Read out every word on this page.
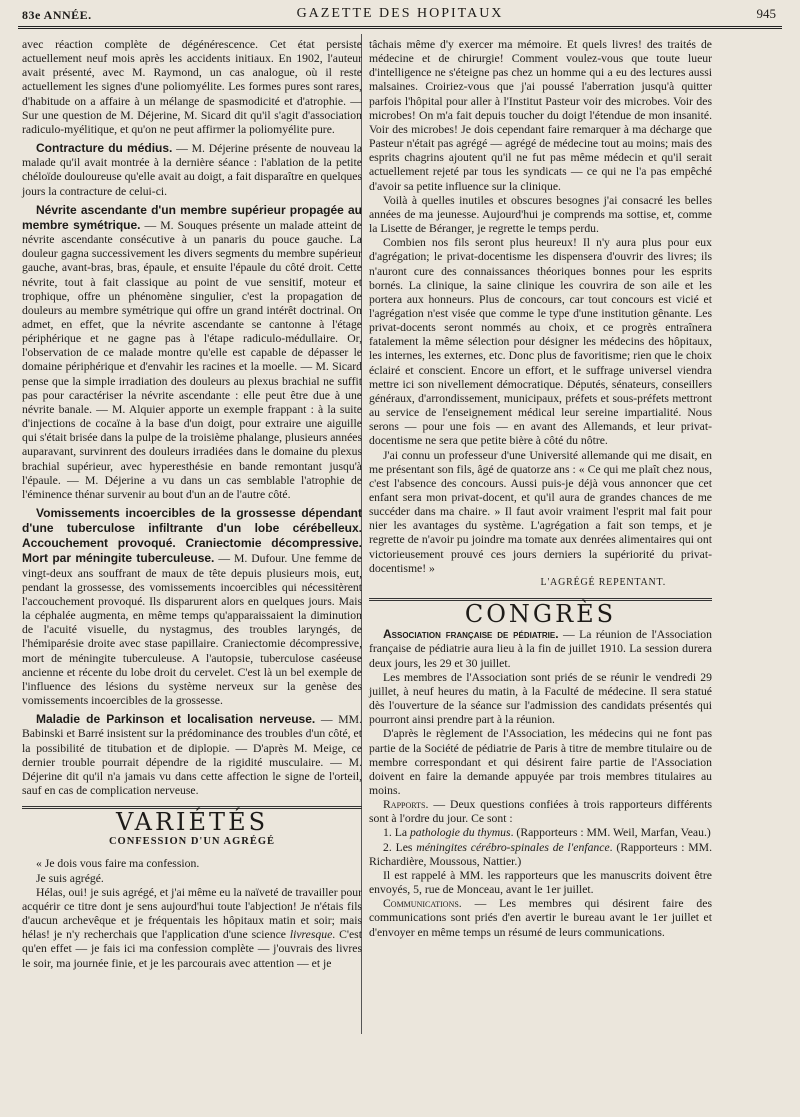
83e ANNÉE.	GAZETTE DES HOPITAUX	945

avec réaction complète de dégénérescence. Cet état persiste actuellement neuf mois après les accidents initiaux. En 1902, l'auteur avait présenté, avec M. Raymond, un cas analogue, où il reste actuellement les signes d'une poliomyélite. Les formes pures sont rares, d'habitude on a affaire à un mélange de spasmodicité et d'atrophie. — Sur une question de M. Déjerine, M. Sicard dit qu'il s'agit d'association radiculo-myélitique, et qu'on ne peut affirmer la poliomyélite pure.

Contracture du médius. — M. Déjerine présente de nouveau la malade qu'il avait montrée à la dernière séance : l'ablation de la petite chéloïde douloureuse qu'elle avait au doigt, a fait disparaître en quelques jours la contracture de celui-ci.

Névrite ascendante d'un membre supérieur propagée au membre symétrique. — M. Souques présente un malade atteint de névrite ascendante consécutive à un panaris du pouce gauche. La douleur gagna successivement les divers segments du membre supérieur gauche, avant-bras, bras, épaule, et ensuite l'épaule du côté droit. Cette névrite, tout à fait classique au point de vue sensitif, moteur et trophique, offre un phénomène singulier, c'est la propagation de douleurs au membre symétrique qui offre un grand intérêt doctrinal. On admet, en effet, que la névrite ascendante se cantonne à l'étage périphérique et ne gagne pas à l'étape radiculo-médullaire. Or, l'observation de ce malade montre qu'elle est capable de dépasser le domaine périphérique et d'envahir les racines et la moelle. — M. Sicard pense que la simple irradiation des douleurs au plexus brachial ne suffit pas pour caractériser la névrite ascendante : elle peut être due à une névrite banale. — M. Alquier apporte un exemple frappant : à la suite d'injections de cocaïne à la base d'un doigt, pour extraire une aiguille qui s'était brisée dans la pulpe de la troisième phalange, plusieurs années auparavant, survinrent des douleurs irradiées dans le domaine du plexus brachial supérieur, avec hyperesthésie en bande remontant jusqu'à l'épaule. — M. Déjerine a vu dans un cas semblable l'atrophie de l'éminence thénar survenir au bout d'un an de l'autre côté.

Vomissements incoercibles de la grossesse dépendant d'une tuberculose infiltrante d'un lobe cérébelleux. Accouchement provoqué. Craniectomie décompressive. Mort par méningite tuberculeuse. — M. Dufour. Une femme de vingt-deux ans souffrant de maux de tête depuis plusieurs mois, eut, pendant la grossesse, des vomissements incoercibles qui nécessitèrent l'accouchement provoqué. Ils disparurent alors en quelques jours. Mais la céphalée augmenta, en même temps qu'apparaissaient la diminution de l'acuité visuelle, du nystagmus, des troubles laryngés, de l'hémiparésie droite avec stase papillaire. Craniectomie décompressive, mort de méningite tuberculeuse. A l'autopsie, tuberculose caséeuse ancienne et récente du lobe droit du cervelet. C'est là un bel exemple de l'influence des lésions du système nerveux sur la genèse des vomissements incoercibles de la grossesse.

Maladie de Parkinson et localisation nerveuse. — MM. Babinski et Barré insistent sur la prédominance des troubles d'un côté, et la possibilité de titubation et de diplopie. — D'après M. Meige, ce dernier trouble pourrait dépendre de la rigidité musculaire. — M. Déjerine dit qu'il n'a jamais vu dans cette affection le signe de l'orteil, sauf en cas de complication nerveuse.

VARIÉTÉS
CONFESSION D'UN AGRÉGÉ

« Je dois vous faire ma confession.

Je suis agrégé.

Hélas, oui! je suis agrégé, et j'ai même eu la naïveté de travailler pour acquérir ce titre dont je sens aujourd'hui toute l'abjection! Je n'étais fils d'aucun archevêque et je fréquentais les hôpitaux matin et soir; mais hélas! je n'y recherchais que l'application d'une science livresque. C'est qu'en effet — je fais ici ma confession complète — j'ouvrais des livres le soir, ma journée finie, et je les parcourais avec attention — et je

tâchais même d'y exercer ma mémoire. Et quels livres! des traités de médecine et de chirurgie! Comment voulez-vous que toute lueur d'intelligence ne s'éteigne pas chez un homme qui a eu des lectures aussi malsaines. Croiriez-vous que j'ai poussé l'aberration jusqu'à quitter parfois l'hôpital pour aller à l'Institut Pasteur voir des microbes. Voir des microbes! On m'a fait depuis toucher du doigt l'étendue de mon insanité. Voir des microbes! Je dois cependant faire remarquer à ma décharge que Pasteur n'était pas agrégé — agrégé de médecine tout au moins; mais des esprits chagrins ajoutent qu'il ne fut pas même médecin et qu'il serait actuellement rejeté par tous les syndicats — ce qui ne l'a pas empêché d'avoir sa petite influence sur la clinique.

Voilà à quelles inutiles et obscures besognes j'ai consacré les belles années de ma jeunesse. Aujourd'hui je comprends ma sottise, et, comme la Lisette de Béranger, je regrette le temps perdu.

Combien nos fils seront plus heureux! Il n'y aura plus pour eux d'agrégation; le privat-docentisme les dispensera d'ouvrir des livres; ils n'auront cure des connaissances théoriques bonnes pour les esprits bornés. La clinique, la saine clinique les couvrira de son aile et les portera aux honneurs. Plus de concours, car tout concours est vicié et l'agrégation n'est visée que comme le type d'une institution gênante. Les privat-docents seront nommés au choix, et ce progrès entraînera fatalement la même sélection pour désigner les médecins des hôpitaux, les internes, les externes, etc. Donc plus de favoritisme; rien que le choix éclairé et conscient. Encore un effort, et le suffrage universel viendra mettre ici son nivellement démocratique. Députés, sénateurs, conseillers généraux, d'arrondissement, municipaux, préfets et sous-préfets mettront au service de l'enseignement médical leur sereine impartialité. Nous serons — pour une fois — en avant des Allemands, et leur privat-docentisme ne sera que petite bière à côté du nôtre.

J'ai connu un professeur d'une Université allemande qui me disait, en me présentant son fils, âgé de quatorze ans : « Ce qui me plaît chez nous, c'est l'absence des concours. Aussi puis-je déjà vous annoncer que cet enfant sera mon privat-docent, et qu'il aura de grandes chances de me succéder dans ma chaire. » Il faut avoir vraiment l'esprit mal fait pour nier les avantages du système. L'agrégation a fait son temps, et je regrette de n'avoir pu joindre ma tomate aux denrées alimentaires qui ont victorieusement prouvé ces jours derniers la supériorité du privat-docentisme! »

L'AGRÉGÉ REPENTANT.
CONGRÈS

Association française de pédiatrie. — La réunion de l'Association française de pédiatrie aura lieu à la fin de juillet 1910. La session durera deux jours, les 29 et 30 juillet.

Les membres de l'Association sont priés de se réunir le vendredi 29 juillet, à neuf heures du matin, à la Faculté de médecine. Il sera statué dès l'ouverture de la séance sur l'admission des candidats présentés qui pourront ainsi prendre part à la réunion.

D'après le règlement de l'Association, les médecins qui ne font pas partie de la Société de pédiatrie de Paris à titre de membre titulaire ou de membre correspondant et qui désirent faire partie de l'Association doivent en faire la demande appuyée par trois membres titulaires au moins.

Rapports. — Deux questions confiées à trois rapporteurs différents sont à l'ordre du jour. Ce sont :

1. La pathologie du thymus. (Rapporteurs : MM. Weil, Marfan, Veau.)

2. Les méningites cérébro-spinales de l'enfance. (Rapporteurs : MM. Richardière, Moussous, Nattier.)

Il est rappelé à MM. les rapporteurs que les manuscrits doivent être envoyés, 5, rue de Monceau, avant le 1er juillet.

Communications. — Les membres qui désirent faire des communications sont priés d'en avertir le bureau avant le 1er juillet et d'envoyer en même temps un résumé de leurs communications.
